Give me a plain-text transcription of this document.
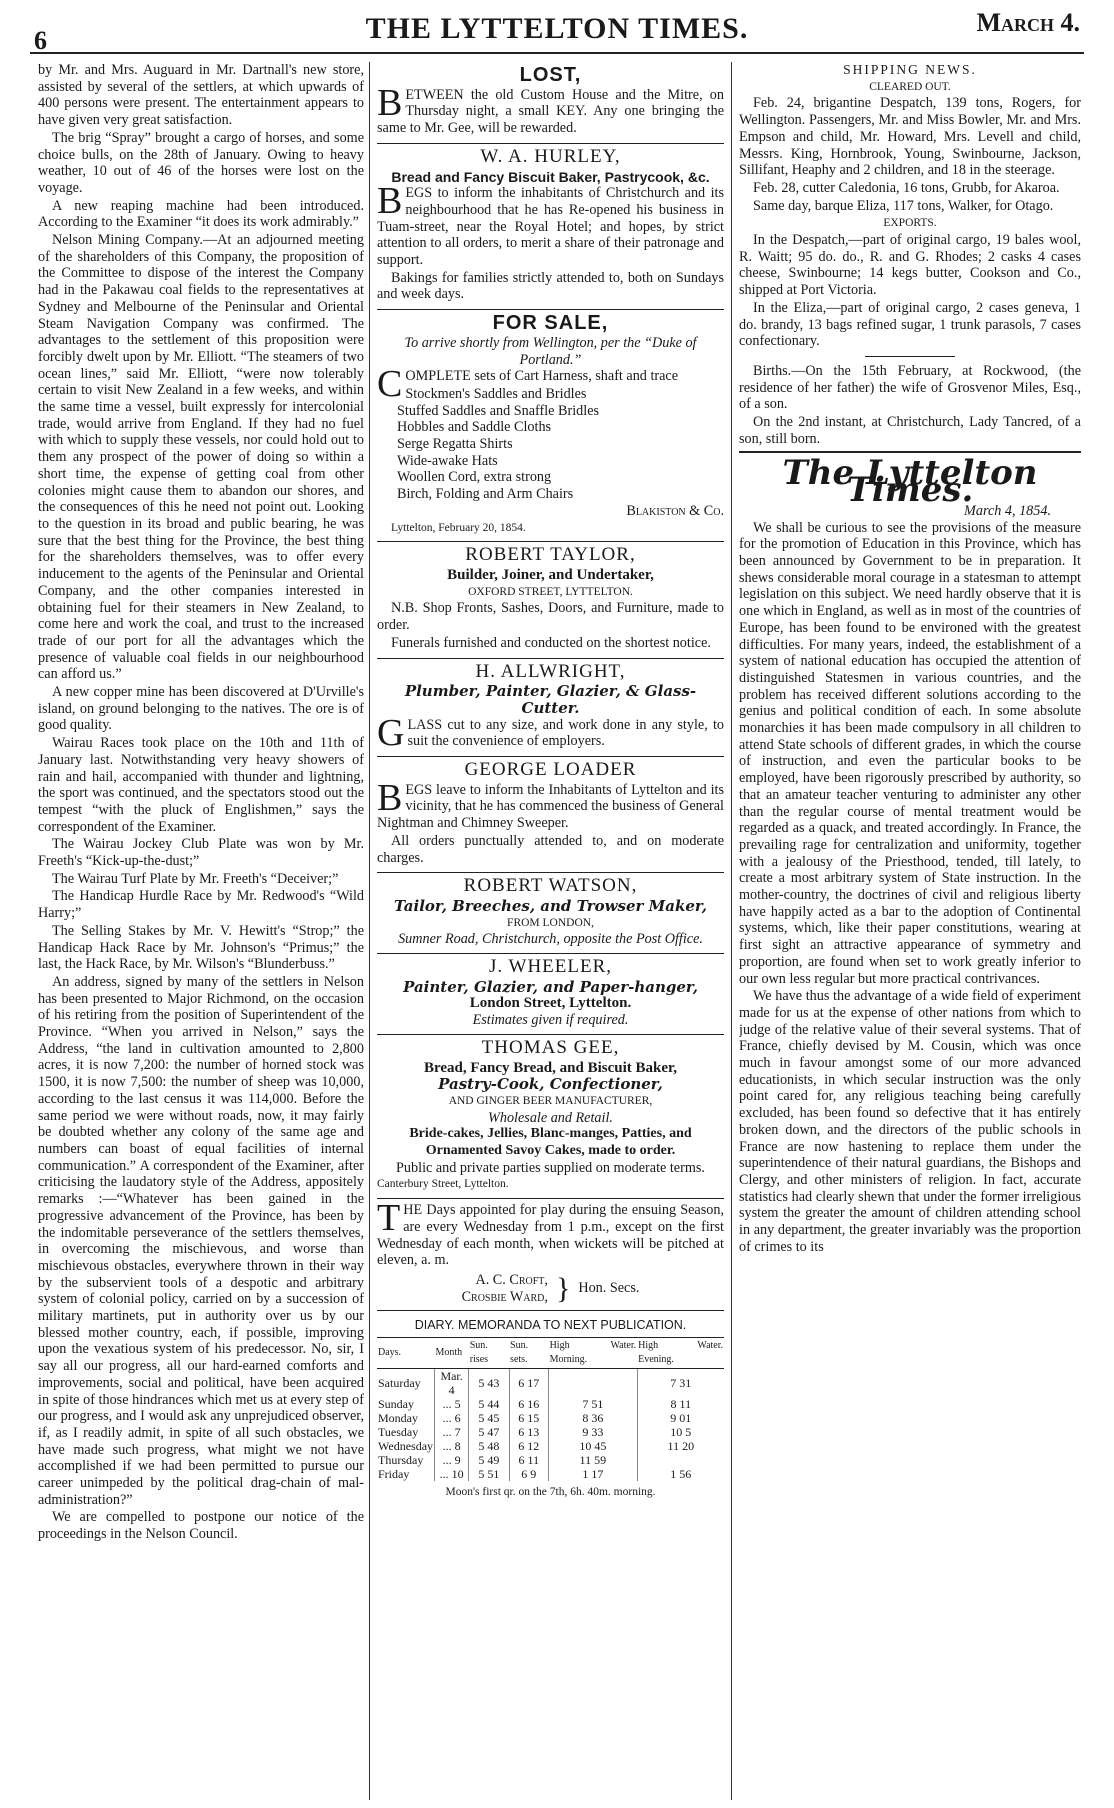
6	THE LYTTELTON TIMES.	March 4.

by Mr. and Mrs. Auguard in Mr. Dartnall's new store, assisted by several of the settlers, at which upwards of 400 persons were present. The entertainment appears to have given very great satisfaction.

The brig “Spray” brought a cargo of horses, and some choice bulls, on the 28th of January. Owing to heavy weather, 10 out of 46 of the horses were lost on the voyage.

A new reaping machine had been introduced. According to the Examiner “it does its work admirably.”

Nelson Mining Company.—At an adjourned meeting of the shareholders of this Company, the proposition of the Committee to dispose of the interest the Company had in the Pakawau coal fields to the representatives at Sydney and Melbourne of the Peninsular and Oriental Steam Navigation Company was confirmed. The advantages to the settlement of this proposition were forcibly dwelt upon by Mr. Elliott. “The steamers of two ocean lines,” said Mr. Elliott, “were now tolerably certain to visit New Zealand in a few weeks, and within the same time a vessel, built expressly for intercolonial trade, would arrive from England. If they had no fuel with which to supply these vessels, nor could hold out to them any prospect of the power of doing so within a short time, the expense of getting coal from other colonies might cause them to abandon our shores, and the consequences of this he need not point out. Looking to the question in its broad and public bearing, he was sure that the best thing for the Province, the best thing for the shareholders themselves, was to offer every inducement to the agents of the Peninsular and Oriental Company, and the other companies interested in obtaining fuel for their steamers in New Zealand, to come here and work the coal, and trust to the increased trade of our port for all the advantages which the presence of valuable coal fields in our neighbourhood can afford us.”

A new copper mine has been discovered at D'Urville's island, on ground belonging to the natives. The ore is of good quality.

Wairau Races took place on the 10th and 11th of January last. Notwithstanding very heavy showers of rain and hail, accompanied with thunder and lightning, the sport was continued, and the spectators stood out the tempest “with the pluck of Englishmen,” says the correspondent of the Examiner.

The Wairau Jockey Club Plate was won by Mr. Freeth's “Kick-up-the-dust;”

The Wairau Turf Plate by Mr. Freeth's “Deceiver;”

The Handicap Hurdle Race by Mr. Redwood's “Wild Harry;”

The Selling Stakes by Mr. V. Hewitt's “Strop;” the Handicap Hack Race by Mr. Johnson's “Primus;” the last, the Hack Race, by Mr. Wilson's “Blunderbuss.”

An address, signed by many of the settlers in Nelson has been presented to Major Richmond, on the occasion of his retiring from the position of Superintendent of the Province. “When you arrived in Nelson,” says the Address, “the land in cultivation amounted to 2,800 acres, it is now 7,200: the number of horned stock was 1500, it is now 7,500: the number of sheep was 10,000, according to the last census it was 114,000. Before the same period we were without roads, now, it may fairly be doubted whether any colony of the same age and numbers can boast of equal facilities of internal communication.” A correspondent of the Examiner, after criticising the laudatory style of the Address, appositely remarks :—“Whatever has been gained in the progressive advancement of the Province, has been by the indomitable perseverance of the settlers themselves, in overcoming the mischievous, and worse than mischievous obstacles, everywhere thrown in their way by the subservient tools of a despotic and arbitrary system of colonial policy, carried on by a succession of military martinets, put in authority over us by our blessed mother country, each, if possible, improving upon the vexatious system of his predecessor. No, sir, I say all our progress, all our hard-earned comforts and improvements, social and political, have been acquired in spite of those hindrances which met us at every step of our progress, and I would ask any unprejudiced observer, if, as I readily admit, in spite of all such obstacles, we have made such progress, what might we not have accomplished if we had been permitted to pursue our career unimpeded by the political drag-chain of mal-administration?”

We are compelled to postpone our notice of the proceedings in the Nelson Council.

LOST,

BETWEEN the old Custom House and the Mitre, on Thursday night, a small KEY. Any one bringing the same to Mr. Gee, will be rewarded.

W. A. HURLEY,
Bread and Fancy Biscuit Baker, Pastrycook, &c.

BEGS to inform the inhabitants of Christchurch and its neighbourhood that he has Re-opened his business in Tuam-street, near the Royal Hotel; and hopes, by strict attention to all orders, to merit a share of their patronage and support.

Bakings for families strictly attended to, both on Sundays and week days.

FOR SALE,
To arrive shortly from Wellington, per the “Duke of Portland.”

COMPLETE sets of Cart Harness, shaft and trace

Stockmen's Saddles and Bridles
Stuffed Saddles and Snaffle Bridles
Hobbles and Saddle Cloths
Serge Regatta Shirts
Wide-awake Hats
Woollen Cord, extra strong
Birch, Folding and Arm Chairs
Blakiston & Co.
Lyttelton, February 20, 1854.
ROBERT TAYLOR,
Builder, Joiner, and Undertaker,
OXFORD STREET, LYTTELTON.

N.B. Shop Fronts, Sashes, Doors, and Furniture, made to order.

Funerals furnished and conducted on the shortest notice.

H. ALLWRIGHT,
Plumber, Painter, Glazier, & Glass-Cutter.

GLASS cut to any size, and work done in any style, to suit the convenience of employers.

GEORGE LOADER

BEGS leave to inform the Inhabitants of Lyttelton and its vicinity, that he has commenced the business of General Nightman and Chimney Sweeper.

All orders punctually attended to, and on moderate charges.

ROBERT WATSON,
Tailor, Breeches, and Trowser Maker,
FROM LONDON,
Sumner Road, Christchurch, opposite the Post Office.
J. WHEELER,
Painter, Glazier, and Paper-hanger,
London Street, Lyttelton.
Estimates given if required.
THOMAS GEE,
Bread, Fancy Bread, and Biscuit Baker,
Pastry-Cook, Confectioner,
AND GINGER BEER MANUFACTURER,
Wholesale and Retail.
Bride-cakes, Jellies, Blanc-manges, Patties, and Ornamented Savoy Cakes, made to order.
Public and private parties supplied on moderate terms.
Canterbury Street, Lyttelton.

THE Days appointed for play during the ensuing Season, are every Wednesday from 1 p.m., except on the first Wednesday of each month, when wickets will be pitched at eleven, a. m.

A. C. Croft,
Crosbie Ward, } Hon. Secs.
DIARY. MEMORANDA TO NEXT PUBLICATION.
Days.	Month	Sun. rises	Sun. sets.	High Water. Morning.	High Water. Evening.
Saturday	Mar. 4	5 43	6 17		7 31
Sunday	... 5	5 44	6 16	7 51	8 11
Monday	... 6	5 45	6 15	8 36	9 01
Tuesday	... 7	5 47	6 13	9 33	10 5
Wednesday	... 8	5 48	6 12	10 45	11 20
Thursday	... 9	5 49	6 11	11 59	
Friday	... 10	5 51	6 9	1 17	1 56
Moon's first qr. on the 7th, 6h. 40m. morning.
SHIPPING NEWS.
CLEARED OUT.

Feb. 24, brigantine Despatch, 139 tons, Rogers, for Wellington. Passengers, Mr. and Miss Bowler, Mr. and Mrs. Empson and child, Mr. Howard, Mrs. Levell and child, Messrs. King, Hornbrook, Young, Swinbourne, Jackson, Sillifant, Heaphy and 2 children, and 18 in the steerage.

Feb. 28, cutter Caledonia, 16 tons, Grubb, for Akaroa.

Same day, barque Eliza, 117 tons, Walker, for Otago.

EXPORTS.

In the Despatch,—part of original cargo, 19 bales wool, R. Waitt; 95 do. do., R. and G. Rhodes; 2 casks 4 cases cheese, Swinbourne; 14 kegs butter, Cookson and Co., shipped at Port Victoria.

In the Eliza,—part of original cargo, 2 cases geneva, 1 do. brandy, 13 bags refined sugar, 1 trunk parasols, 7 cases confectionary.

Births.—On the 15th February, at Rockwood, (the residence of her father) the wife of Grosvenor Miles, Esq., of a son.

On the 2nd instant, at Christchurch, Lady Tancred, of a son, still born.

The Lyttelton Times.
March 4, 1854.

We shall be curious to see the provisions of the measure for the promotion of Education in this Province, which has been announced by Government to be in preparation. It shews considerable moral courage in a statesman to attempt legislation on this subject. We need hardly observe that it is one which in England, as well as in most of the countries of Europe, has been found to be environed with the greatest difficulties. For many years, indeed, the establishment of a system of national education has occupied the attention of distinguished Statesmen in various countries, and the problem has received different solutions according to the genius and political condition of each. In some absolute monarchies it has been made compulsory in all children to attend State schools of different grades, in which the course of instruction, and even the particular books to be employed, have been rigorously prescribed by authority, so that an amateur teacher venturing to administer any other than the regular course of mental treatment would be regarded as a quack, and treated accordingly. In France, the prevailing rage for centralization and uniformity, together with a jealousy of the Priesthood, tended, till lately, to create a most arbitrary system of State instruction. In the mother-country, the doctrines of civil and religious liberty have happily acted as a bar to the adoption of Continental systems, which, like their paper constitutions, wearing at first sight an attractive appearance of symmetry and proportion, are found when set to work greatly inferior to our own less regular but more practical contrivances.

We have thus the advantage of a wide field of experiment made for us at the expense of other nations from which to judge of the relative value of their several systems. That of France, chiefly devised by M. Cousin, which was once much in favour amongst some of our more advanced educationists, in which secular instruction was the only point cared for, any religious teaching being carefully excluded, has been found so defective that it has entirely broken down, and the directors of the public schools in France are now hastening to replace them under the superintendence of their natural guardians, the Bishops and Clergy, and other ministers of religion. In fact, accurate statistics had clearly shewn that under the former irreligious system the greater the amount of children attending school in any department, the greater invariably was the proportion of crimes to its
